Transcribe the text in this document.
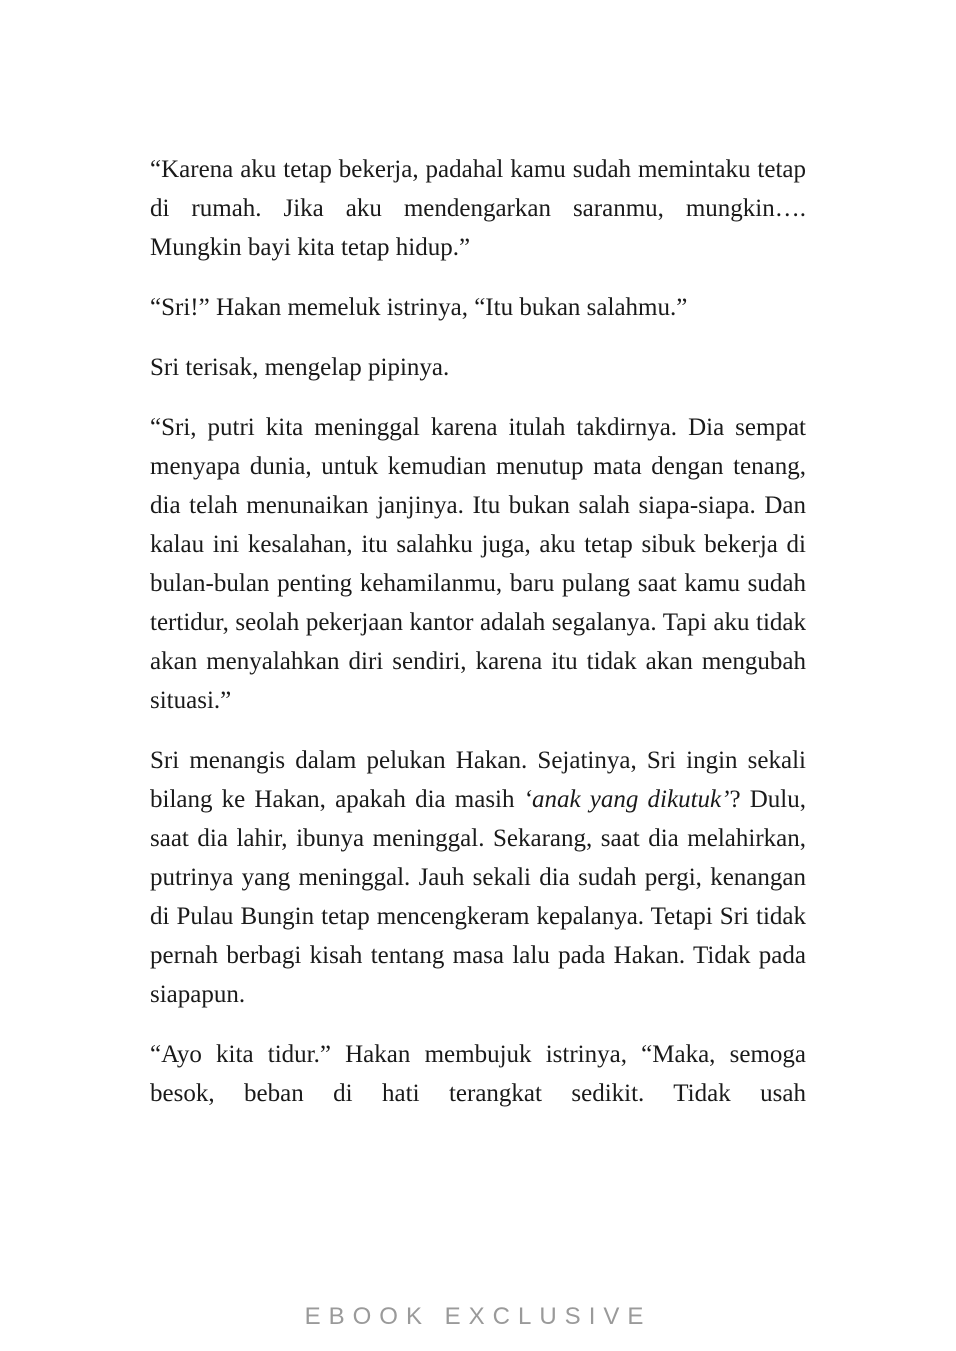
“Karena aku tetap bekerja, padahal kamu sudah memintaku tetap di rumah. Jika aku mendengarkan saranmu, mungkin…. Mungkin bayi kita tetap hidup.”

“Sri!” Hakan memeluk istrinya, “Itu bukan salahmu.”

Sri terisak, mengelap pipinya.

“Sri, putri kita meninggal karena itulah takdirnya. Dia sempat menyapa dunia, untuk kemudian menutup mata dengan tenang, dia telah menunaikan janjinya. Itu bukan salah siapa-siapa. Dan kalau ini kesalahan, itu salahku juga, aku tetap sibuk bekerja di bulan-bulan penting kehamilanmu, baru pulang saat kamu sudah tertidur, seolah pekerjaan kantor adalah segalanya. Tapi aku tidak akan menyalahkan diri sendiri, karena itu tidak akan mengubah situasi.”

Sri menangis dalam pelukan Hakan. Sejatinya, Sri ingin sekali bilang ke Hakan, apakah dia masih ‘anak yang dikutuk’? Dulu, saat dia lahir, ibunya meninggal. Sekarang, saat dia melahirkan, putrinya yang meninggal. Jauh sekali dia sudah pergi, kenangan di Pulau Bungin tetap mencengkeram kepalanya. Tetapi Sri tidak pernah berbagi kisah tentang masa lalu pada Hakan. Tidak pada siapapun.

“Ayo kita tidur.” Hakan membujuk istrinya, “Maka, semoga besok, beban di hati terangkat sedikit. Tidak usah

EBOOK EXCLUSIVE
